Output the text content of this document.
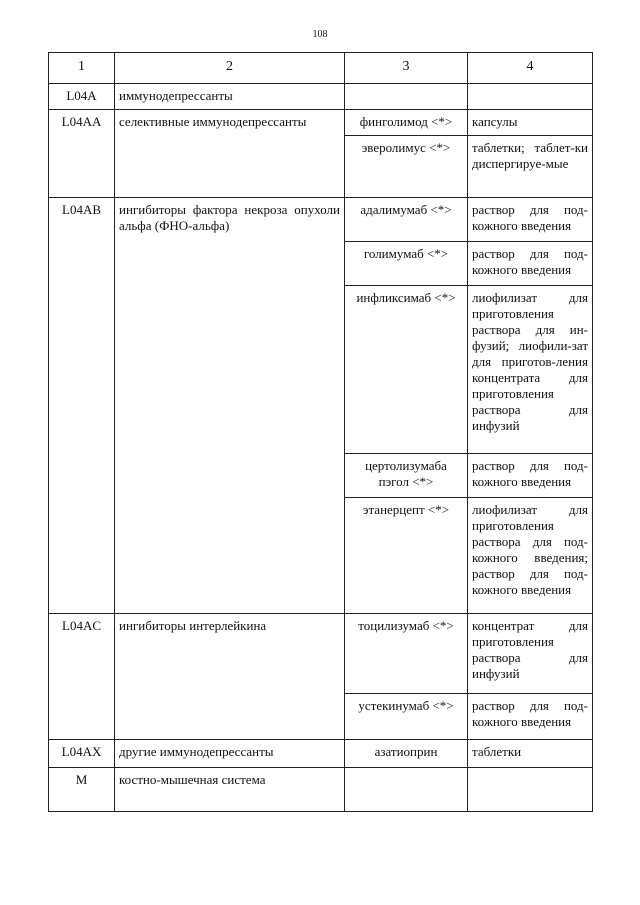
108
1	2	3	4
L04A	иммунодепрессанты		
L04AA	селективные иммунодепрессанты	финголимод <*>	капсулы
		эверолимус <*>	таблетки; таблет-ки диспергируе-мые
L04AB	ингибиторы фактора некроза опухоли альфа (ФНО-альфа)	адалимумаб <*>	раствор для под-кожного введения
		голимумаб <*>	раствор для под-кожного введения
		инфликсимаб <*>	лиофилизат для приготовления раствора для ин-фузий; лиофили-зат для приготов-ления концентрата для приготовления раствора для инфузий
		цертолизумаба пэгол <*>	раствор для под-кожного введения
		этанерцепт <*>	лиофилизат для приготовления раствора для под-кожного введения; раствор для под-кожного введения
L04AC	ингибиторы интерлейкина	тоцилизумаб <*>	концентрат для приготовления раствора для инфузий
		устекинумаб <*>	раствор для под-кожного введения
L04AX	другие иммунодепрессанты	азатиоприн	таблетки
M	костно-мышечная система		
